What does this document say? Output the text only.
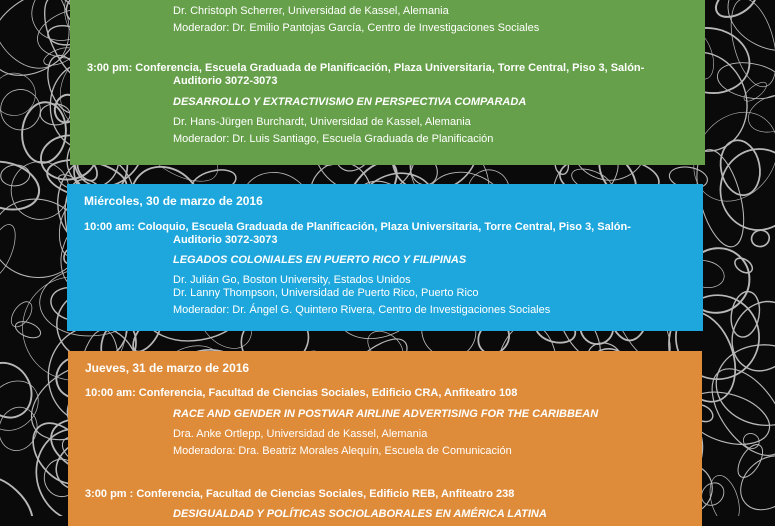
Dr. Christoph Scherrer, Universidad de Kassel, Alemania
Moderador: Dr. Emilio Pantojas García, Centro de Investigaciones Sociales
3:00 pm: Conferencia, Escuela Graduada de Planificación, Plaza Universitaria, Torre Central, Piso 3, Salón-
Auditorio 3072-3073
DESARROLLO Y EXTRACTIVISMO EN PERSPECTIVA COMPARADA
Dr. Hans-Jürgen Burchardt, Universidad de Kassel, Alemania
Moderador: Dr. Luis Santiago, Escuela Graduada de Planificación
Miércoles, 30 de marzo de 2016
10:00 am: Coloquio, Escuela Graduada de Planificación, Plaza Universitaria, Torre Central, Piso 3, Salón-
Auditorio 3072-3073
LEGADOS COLONIALES EN PUERTO RICO Y FILIPINAS
Dr. Julián Go, Boston University, Estados Unidos
Dr. Lanny Thompson, Universidad de Puerto Rico, Puerto Rico
Moderador: Dr. Ángel G. Quintero Rivera, Centro de Investigaciones Sociales
Jueves, 31 de marzo de 2016
10:00 am: Conferencia, Facultad de Ciencias Sociales, Edificio CRA, Anfiteatro 108
RACE AND GENDER IN POSTWAR AIRLINE ADVERTISING FOR THE CARIBBEAN
Dra. Anke Ortlepp, Universidad de Kassel, Alemania
Moderadora: Dra. Beatriz Morales Alequín, Escuela de Comunicación
3:00 pm : Conferencia, Facultad de Ciencias Sociales, Edificio REB, Anfiteatro 238
DESIGUALDAD Y POLÍTICAS SOCIOLABORALES EN AMÉRICA LATINA
